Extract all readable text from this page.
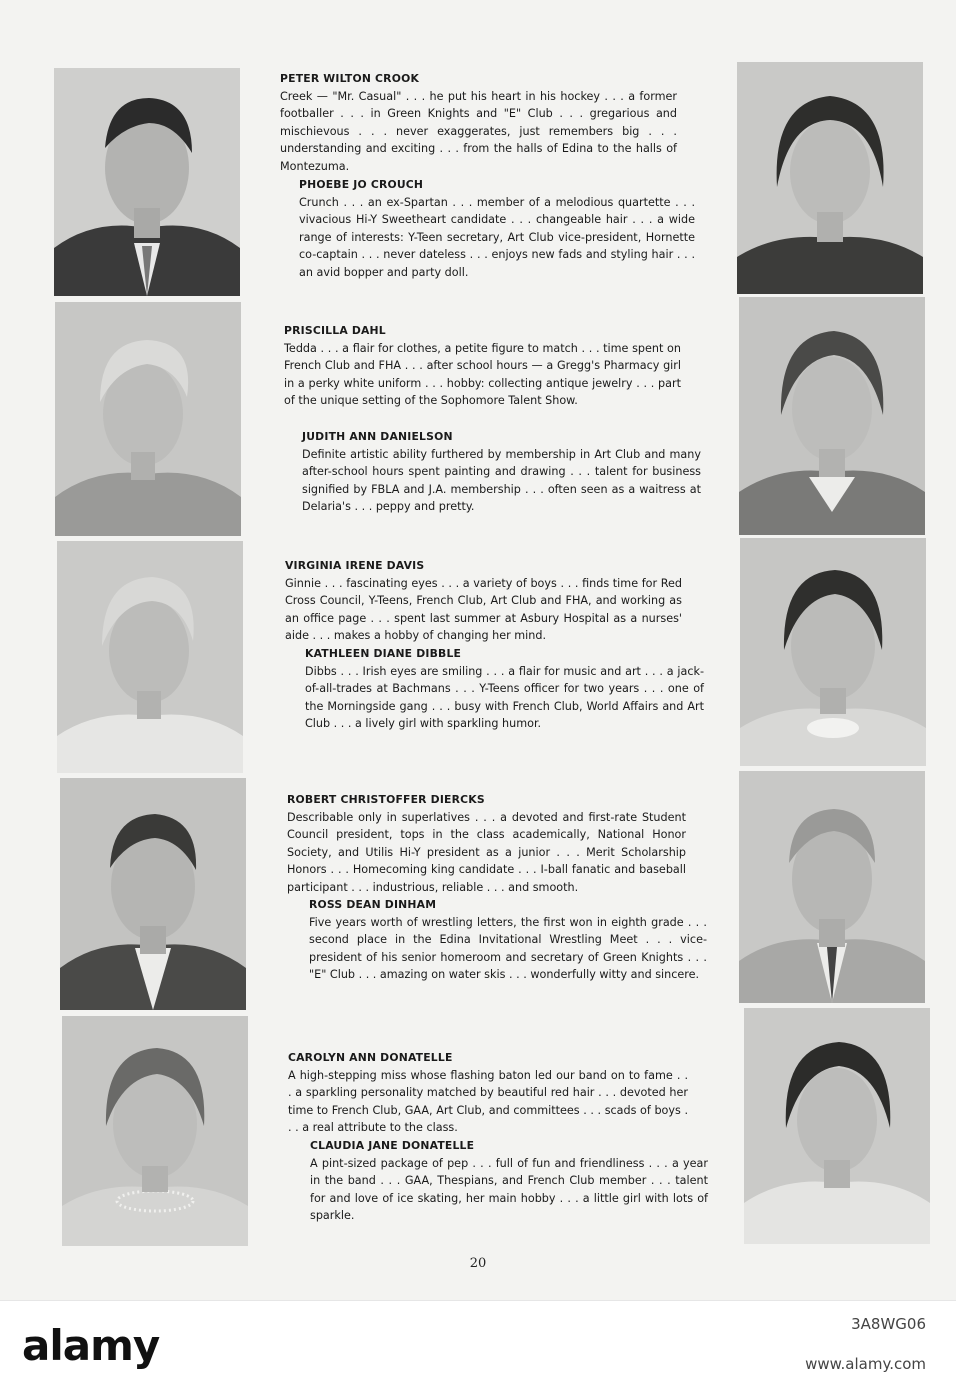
PETER WILTON CROOK
Creek — "Mr. Casual" . . . he put his heart in his hockey . . . a former footballer . . . in Green Knights and "E" Club . . . gregarious and mischievous . . . never exaggerates, just remembers big . . . understanding and exciting . . . from the halls of Edina to the halls of Montezuma.
PHOEBE JO CROUCH
Crunch . . . an ex-Spartan . . . member of a melodious quartette . . . vivacious Hi-Y Sweetheart candidate . . . changeable hair . . . a wide range of interests: Y-Teen secretary, Art Club vice-president, Hornette co-captain . . . never dateless . . . enjoys new fads and styling hair . . . an avid bopper and party doll.
PRISCILLA DAHL
Tedda . . . a flair for clothes, a petite figure to match . . . time spent on French Club and FHA . . . after school hours — a Gregg's Pharmacy girl in a perky white uniform . . . hobby: collecting antique jewelry . . . part of the unique setting of the Sophomore Talent Show.
JUDITH ANN DANIELSON
Definite artistic ability furthered by membership in Art Club and many after-school hours spent painting and drawing . . . talent for business signified by FBLA and J.A. membership . . . often seen as a waitress at Delaria's . . . peppy and pretty.
VIRGINIA IRENE DAVIS
Ginnie . . . fascinating eyes . . . a variety of boys . . . finds time for Red Cross Council, Y-Teens, French Club, Art Club and FHA, and working as an office page . . . spent last summer at Asbury Hospital as a nurses' aide . . . makes a hobby of changing her mind.
KATHLEEN DIANE DIBBLE
Dibbs . . . Irish eyes are smiling . . . a flair for music and art . . . a jack-of-all-trades at Bachmans . . . Y-Teens officer for two years . . . one of the Morningside gang . . . busy with French Club, World Affairs and Art Club . . . a lively girl with sparkling humor.
ROBERT CHRISTOFFER DIERCKS
Describable only in superlatives . . . a devoted and first-rate Student Council president, tops in the class academically, National Honor Society, and Utilis Hi-Y president as a junior . . . Merit Scholarship Honors . . . Homecoming king candidate . . . I-ball fanatic and baseball participant . . . industrious, reliable . . . and smooth.
ROSS DEAN DINHAM
Five years worth of wrestling letters, the first won in eighth grade . . . second place in the Edina Invitational Wrestling Meet . . . vice-president of his senior homeroom and secretary of Green Knights . . . "E" Club . . . amazing on water skis . . . wonderfully witty and sincere.
CAROLYN ANN DONATELLE
A high-stepping miss whose flashing baton led our band on to fame . . . a sparkling personality matched by beautiful red hair . . . devoted her time to French Club, GAA, Art Club, and committees . . . scads of boys . . . a real attribute to the class.
CLAUDIA JANE DONATELLE
A pint-sized package of pep . . . full of fun and friendliness . . . a year in the band . . . GAA, Thespians, and French Club member . . . talent for and love of ice skating, her main hobby . . . a little girl with lots of sparkle.
20
alamy	3A8WG06
www.alamy.com
